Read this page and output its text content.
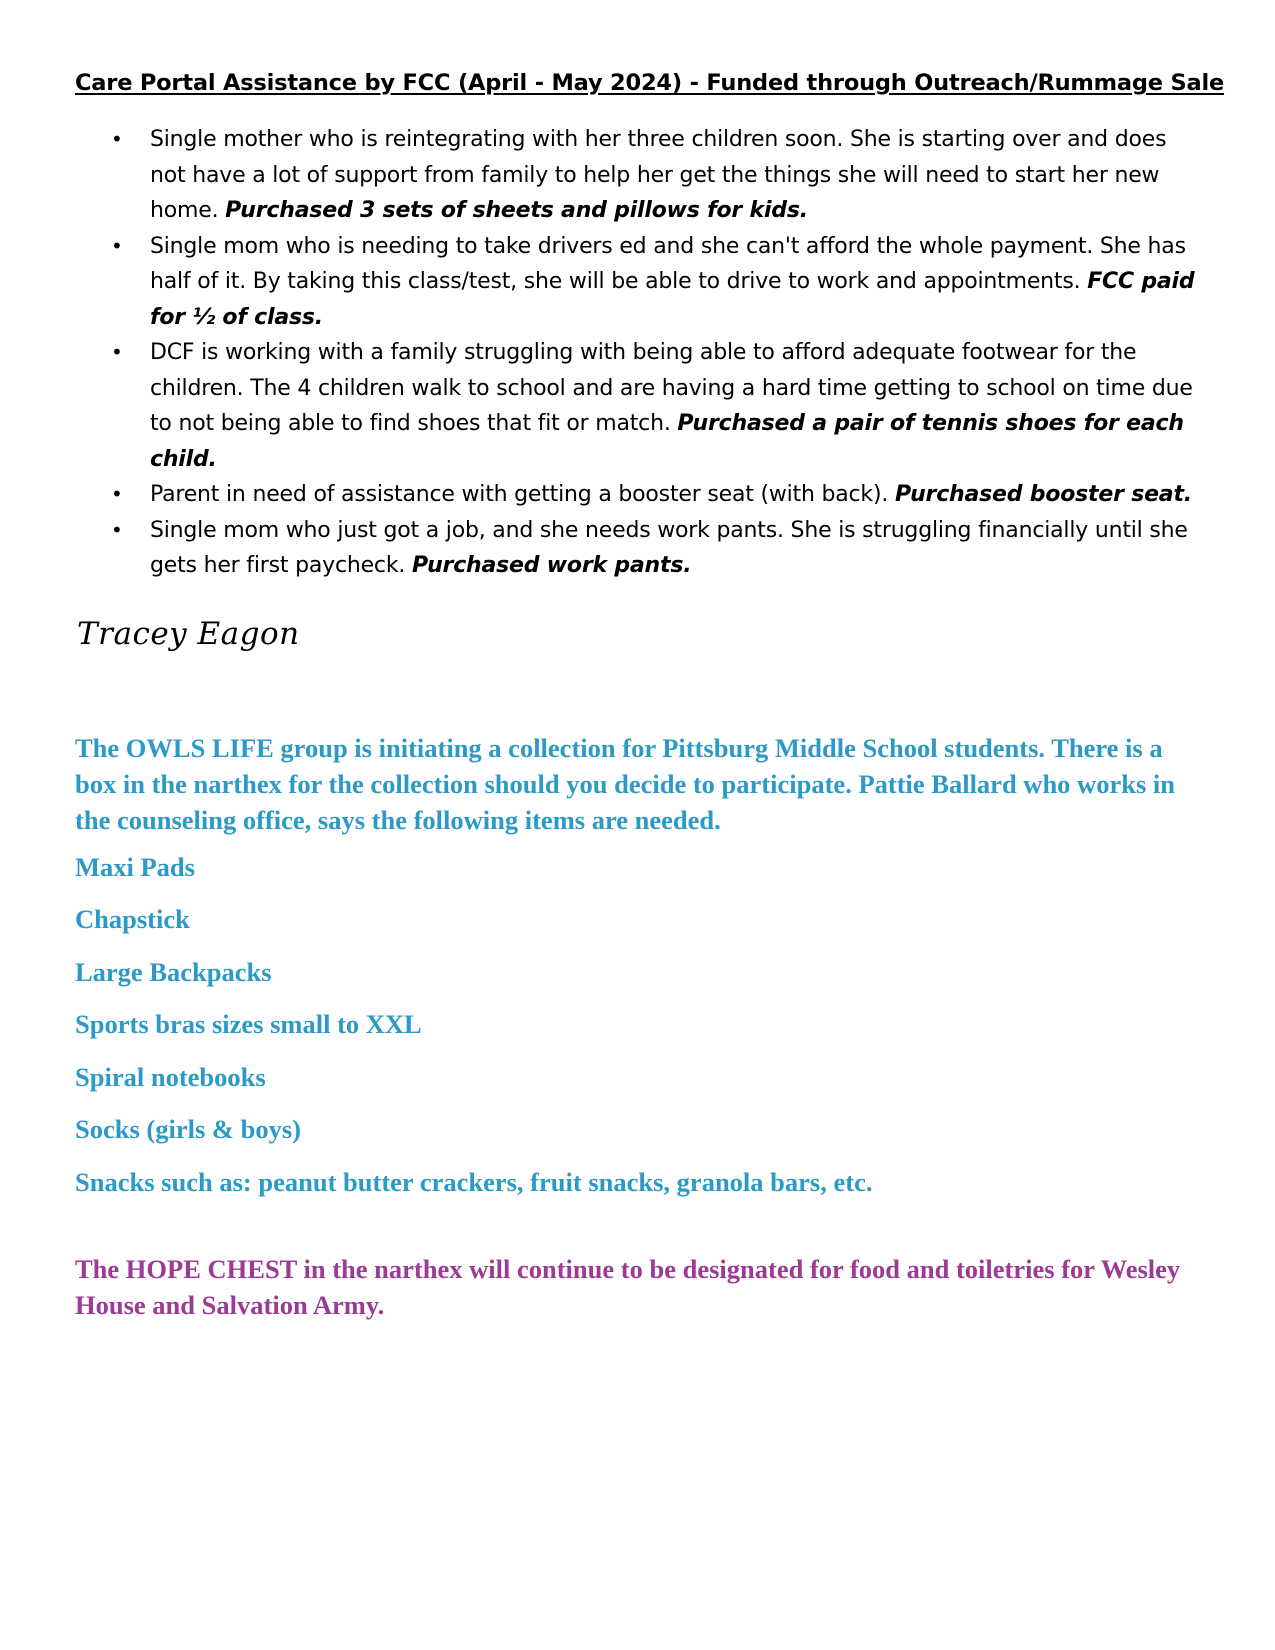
Care Portal Assistance by FCC (April - May 2024) - Funded through Outreach/Rummage Sale
• Single mother who is reintegrating with her three children soon. She is starting over and does not have a lot of support from family to help her get the things she will need to start her new home. Purchased 3 sets of sheets and pillows for kids.
• Single mom who is needing to take drivers ed and she can't afford the whole payment. She has half of it. By taking this class/test, she will be able to drive to work and appointments. FCC paid for ½ of class.
• DCF is working with a family struggling with being able to afford adequate footwear for the children. The 4 children walk to school and are having a hard time getting to school on time due to not being able to find shoes that fit or match. Purchased a pair of tennis shoes for each child.
• Parent in need of assistance with getting a booster seat (with back). Purchased booster seat.
• Single mom who just got a job, and she needs work pants. She is struggling financially until she gets her first paycheck. Purchased work pants.
Tracey Eagon

The OWLS LIFE group is initiating a collection for Pittsburg Middle School students. There is a box in the narthex for the collection should you decide to participate. Pattie Ballard who works in the counseling office, says the following items are needed.

Maxi Pads
Chapstick
Large Backpacks
Sports bras sizes small to XXL
Spiral notebooks
Socks (girls & boys)
Snacks such as: peanut butter crackers, fruit snacks, granola bars, etc.

The HOPE CHEST in the narthex will continue to be designated for food and toiletries for Wesley House and Salvation Army.
